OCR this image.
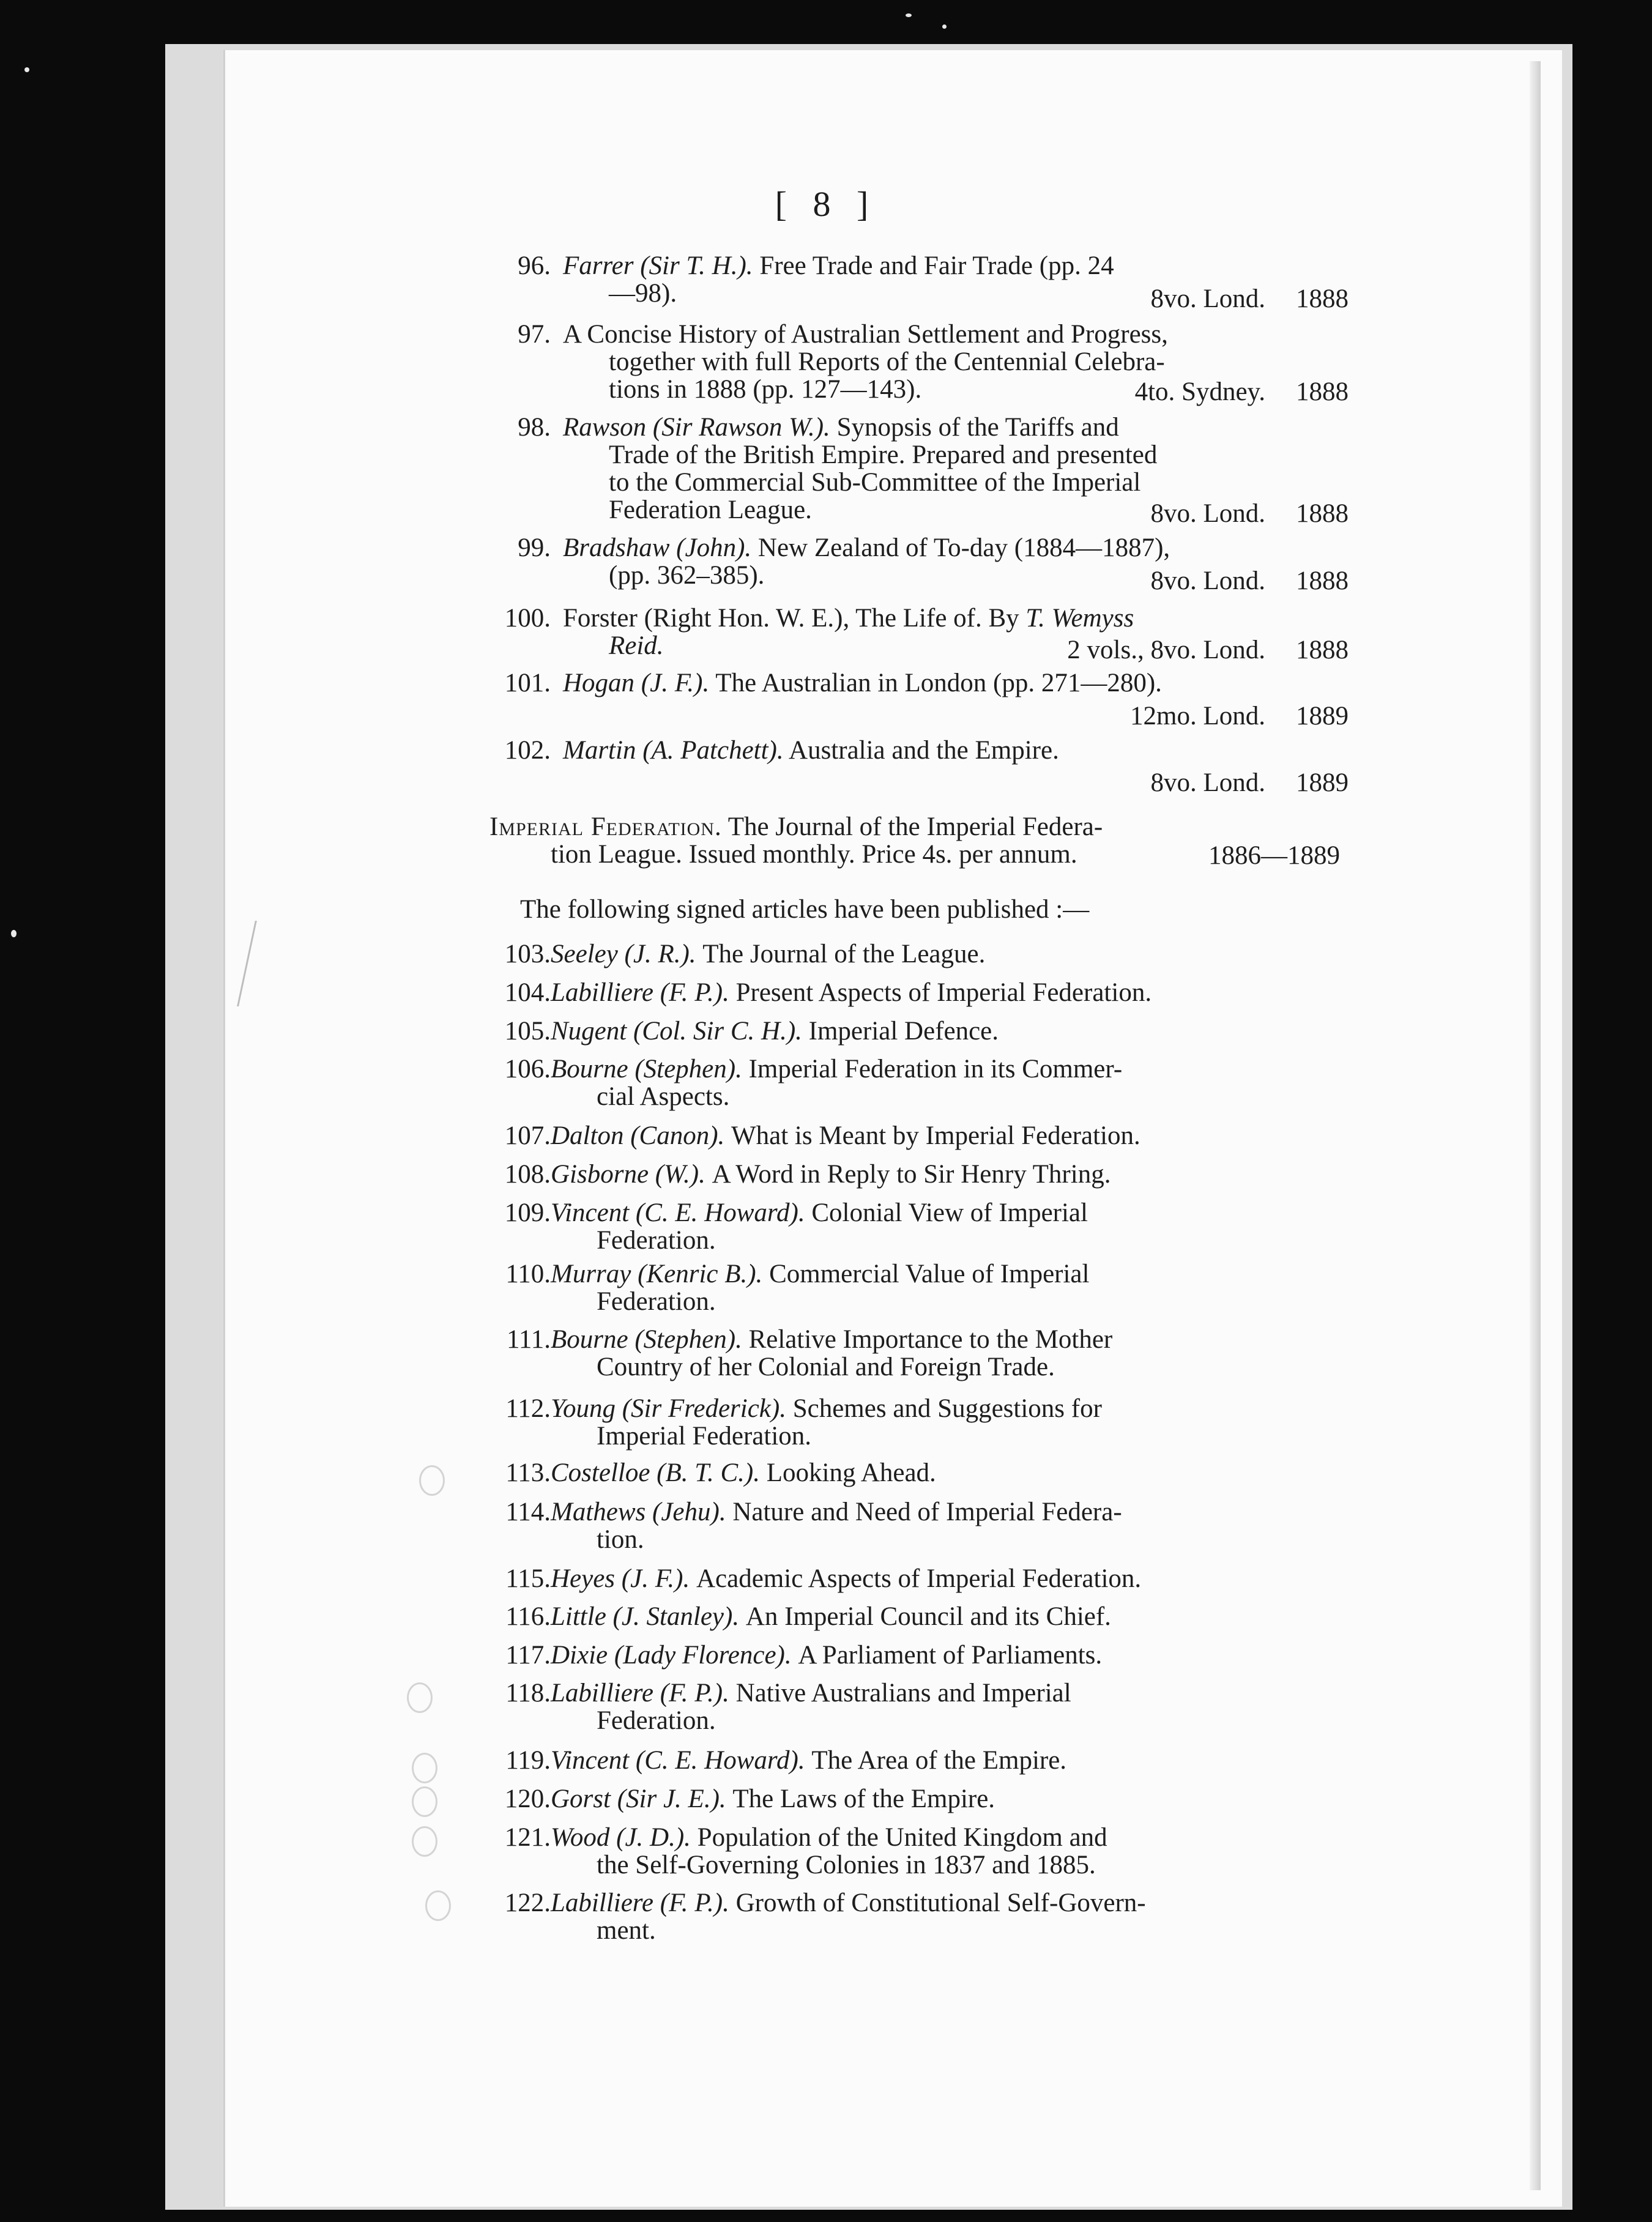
[ 8 ]
96. Farrer (Sir T. H.). Free Trade and Fair Trade (pp. 24
—98).	8vo. Lond. 1888
97. A Concise History of Australian Settlement and Progress,
together with full Reports of the Centennial Celebra-
tions in 1888 (pp. 127—143).	4to. Sydney. 1888
98. Rawson (Sir Rawson W.). Synopsis of the Tariffs and
Trade of the British Empire. Prepared and presented
to the Commercial Sub-Committee of the Imperial
Federation League.	8vo. Lond. 1888
99. Bradshaw (John). New Zealand of To-day (1884—1887),
(pp. 362–385).	8vo. Lond. 1888
100. Forster (Right Hon. W. E.), The Life of. By T. Wemyss
Reid.	2 vols., 8vo. Lond. 1888
101. Hogan (J. F.). The Australian in London (pp. 271—280).
12mo. Lond. 1889
102. Martin (A. Patchett). Australia and the Empire.
8vo. Lond. 1889
Imperial Federation. The Journal of the Imperial Federa-
tion League. Issued monthly. Price 4s. per annum.	1886—1889
The following signed articles have been published :—
103. Seeley (J. R.). The Journal of the League.
104. Labilliere (F. P.). Present Aspects of Imperial Federation.
105. Nugent (Col. Sir C. H.). Imperial Defence.
106. Bourne (Stephen). Imperial Federation in its Commer-
cial Aspects.
107. Dalton (Canon). What is Meant by Imperial Federation.
108. Gisborne (W.). A Word in Reply to Sir Henry Thring.
109. Vincent (C. E. Howard). Colonial View of Imperial
Federation.
110. Murray (Kenric B.). Commercial Value of Imperial
Federation.
111. Bourne (Stephen). Relative Importance to the Mother
Country of her Colonial and Foreign Trade.
112. Young (Sir Frederick). Schemes and Suggestions for
Imperial Federation.
113. Costelloe (B. T. C.). Looking Ahead.
114. Mathews (Jehu). Nature and Need of Imperial Federa-
tion.
115. Heyes (J. F.). Academic Aspects of Imperial Federation.
116. Little (J. Stanley). An Imperial Council and its Chief.
117. Dixie (Lady Florence). A Parliament of Parliaments.
118. Labilliere (F. P.). Native Australians and Imperial
Federation.
119. Vincent (C. E. Howard). The Area of the Empire.
120. Gorst (Sir J. E.). The Laws of the Empire.
121. Wood (J. D.). Population of the United Kingdom and
the Self-Governing Colonies in 1837 and 1885.
122. Labilliere (F. P.). Growth of Constitutional Self-Govern-
ment.
